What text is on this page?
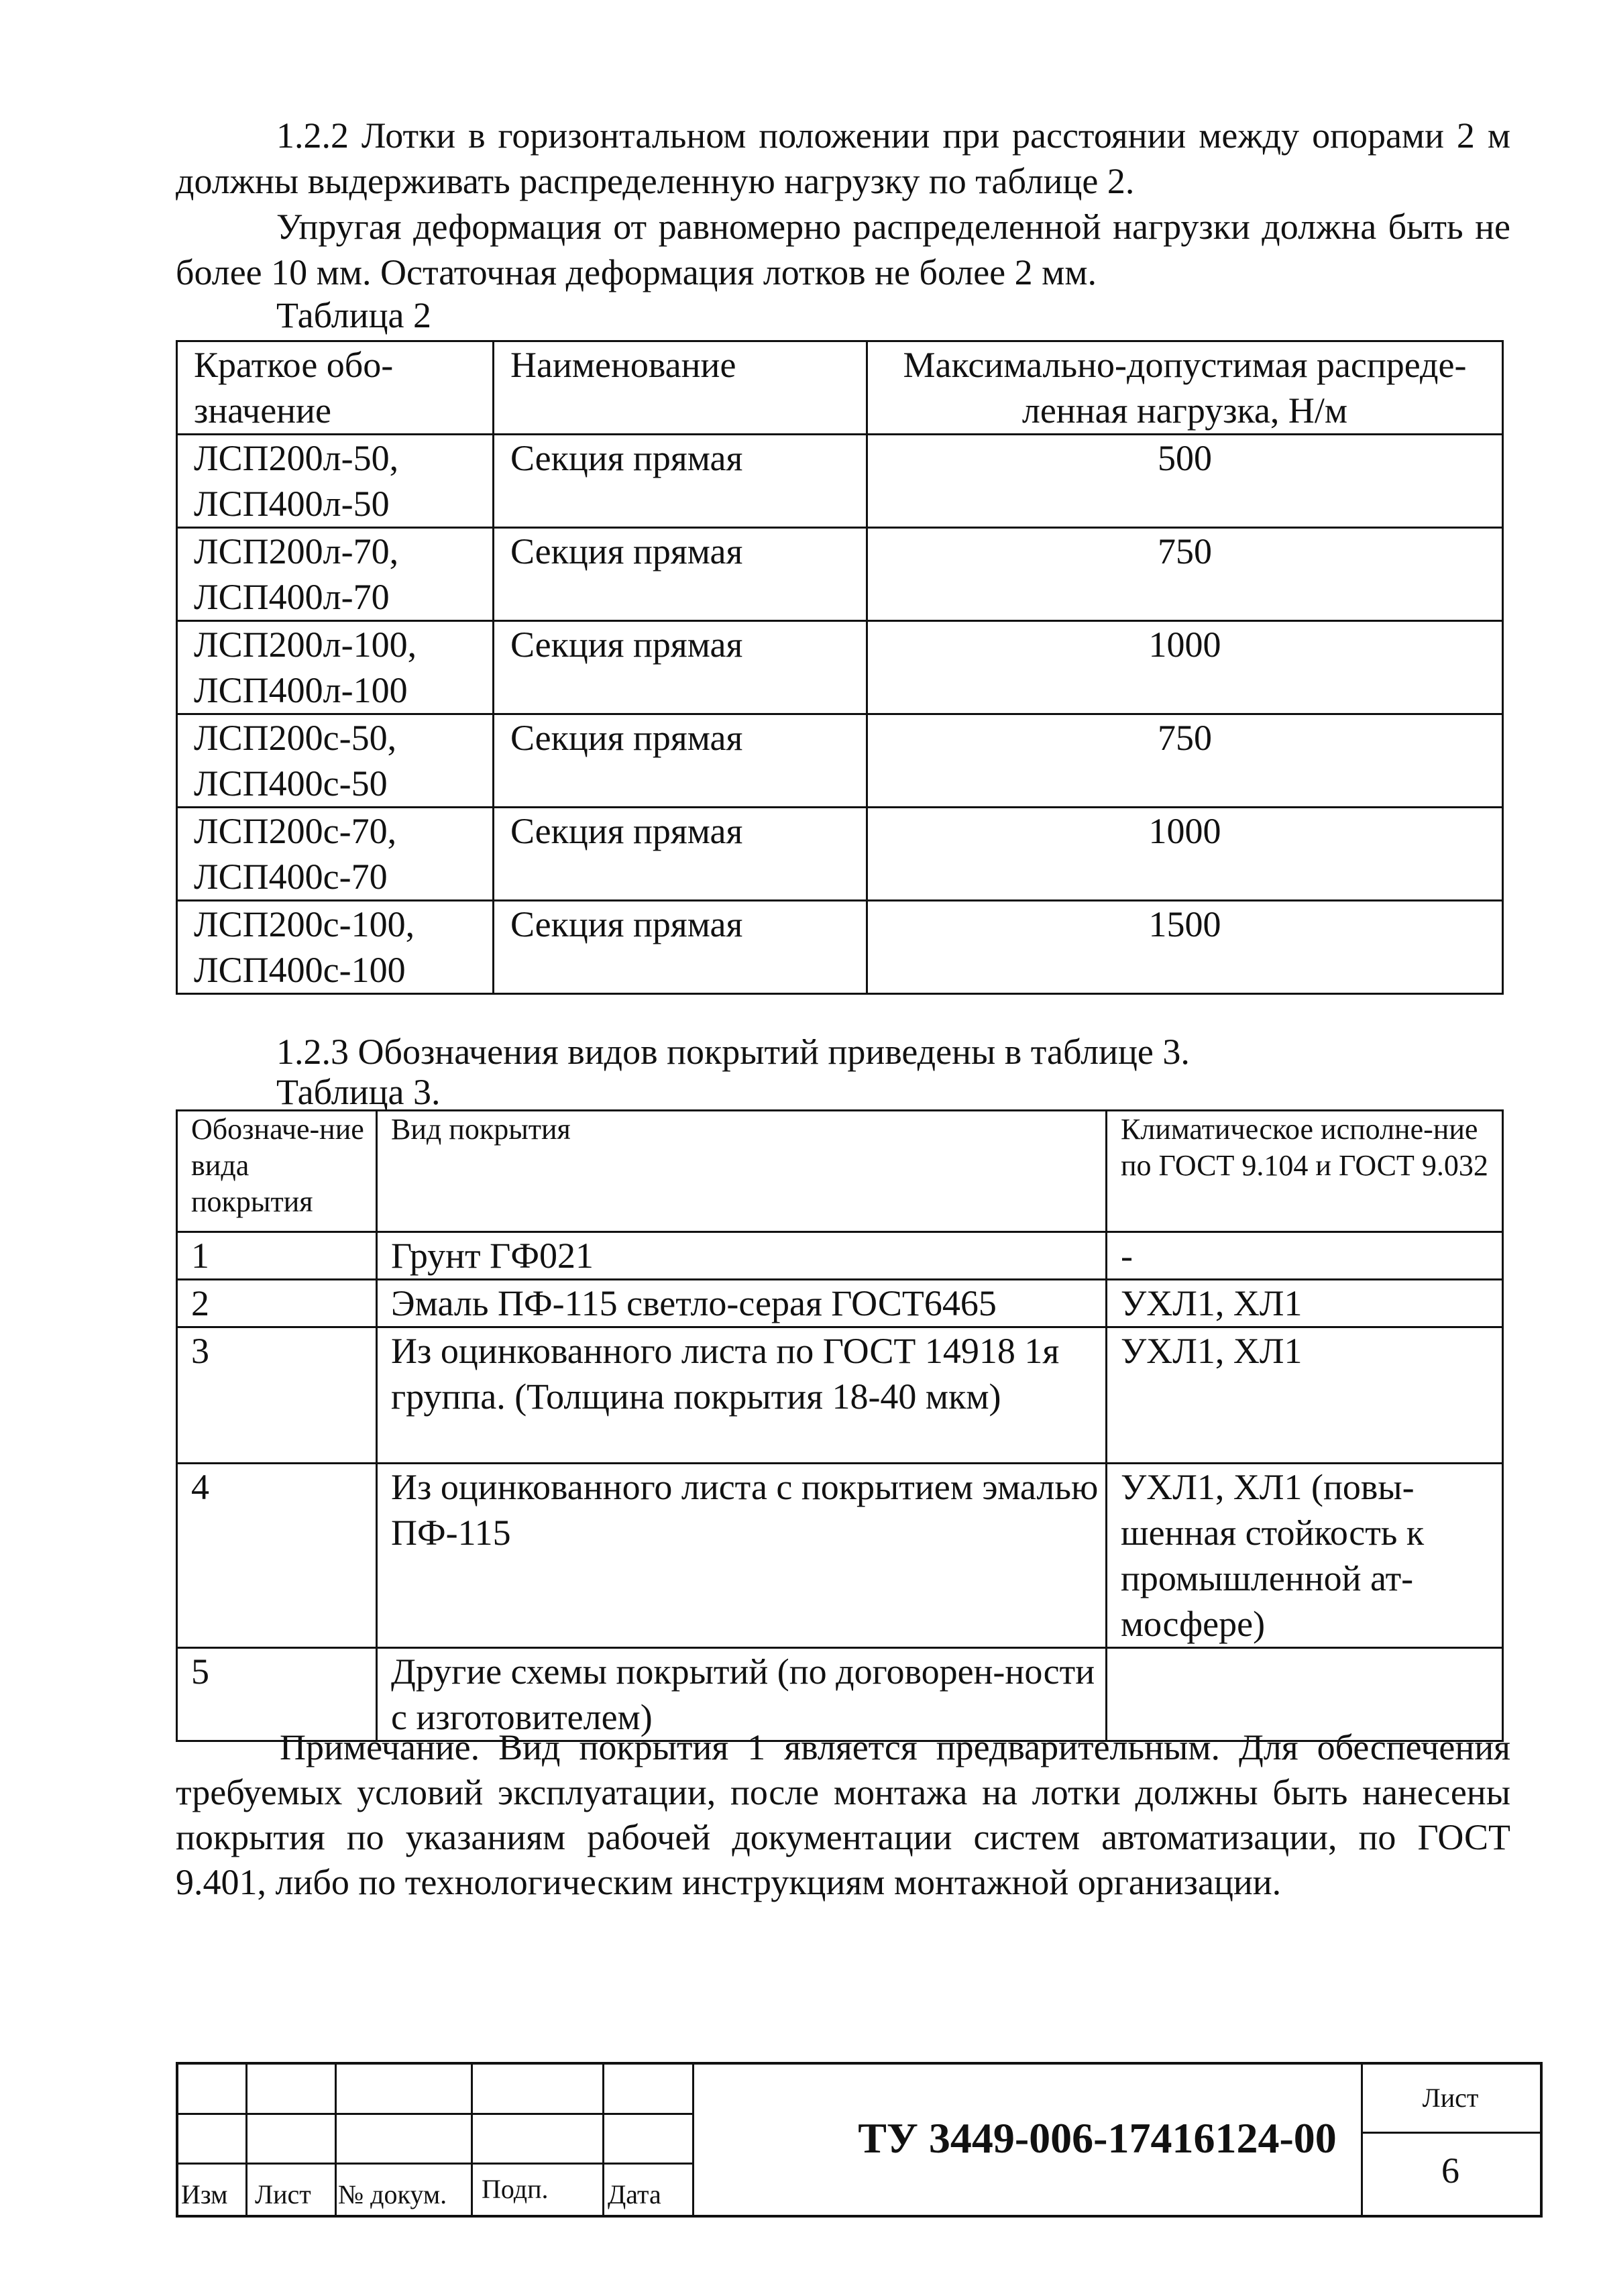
1.2.2 Лотки в горизонтальном положении при расстоянии между опорами 2 м должны выдерживать распределенную нагрузку по таблице 2.

Упругая деформация от равномерно распределенной нагрузки должна быть не более 10 мм. Остаточная деформация лотков не более 2 мм.

Таблица 2
Краткое обо-значение	Наименование	Максимально-допустимая распреде-ленная нагрузка, Н/м
ЛСП200л-50,
ЛСП400л-50	Секция прямая	500
ЛСП200л-70,
ЛСП400л-70	Секция прямая	750
ЛСП200л-100,
ЛСП400л-100	Секция прямая	1000
ЛСП200с-50,
ЛСП400с-50	Секция прямая	750
ЛСП200с-70,
ЛСП400с-70	Секция прямая	1000
ЛСП200с-100,
ЛСП400с-100	Секция прямая	1500
1.2.3 Обозначения видов покрытий приведены в таблице 3.
Таблица 3.
Обозначе-ние вида покрытия	Вид покрытия	Климатическое исполне-ние по ГОСТ 9.104 и ГОСТ 9.032
1	Грунт ГФ021	-
2	Эмаль ПФ-115 светло-серая ГОСТ6465	УХЛ1, ХЛ1
3	Из оцинкованного листа по ГОСТ 14918 1я группа. (Толщина покрытия 18-40 мкм)	УХЛ1, ХЛ1
4	Из оцинкованного листа с покрытием эмалью ПФ-115	УХЛ1, ХЛ1 (повы-шенная стойкость к промышленной ат-мосфере)
5	Другие схемы покрытий (по договорен-ности с изготовителем)	

Примечание. Вид покрытия 1 является предварительным. Для обеспечения требуемых условий эксплуатации, после монтажа на лотки должны быть нанесены покрытия по указаниям рабочей документации систем автоматизации, по ГОСТ 9.401, либо по технологическим инструкциям монтажной организации.

Изм Лист № докум. Подп. Дата
ТУ 3449-006-17416124-00
Лист
6
